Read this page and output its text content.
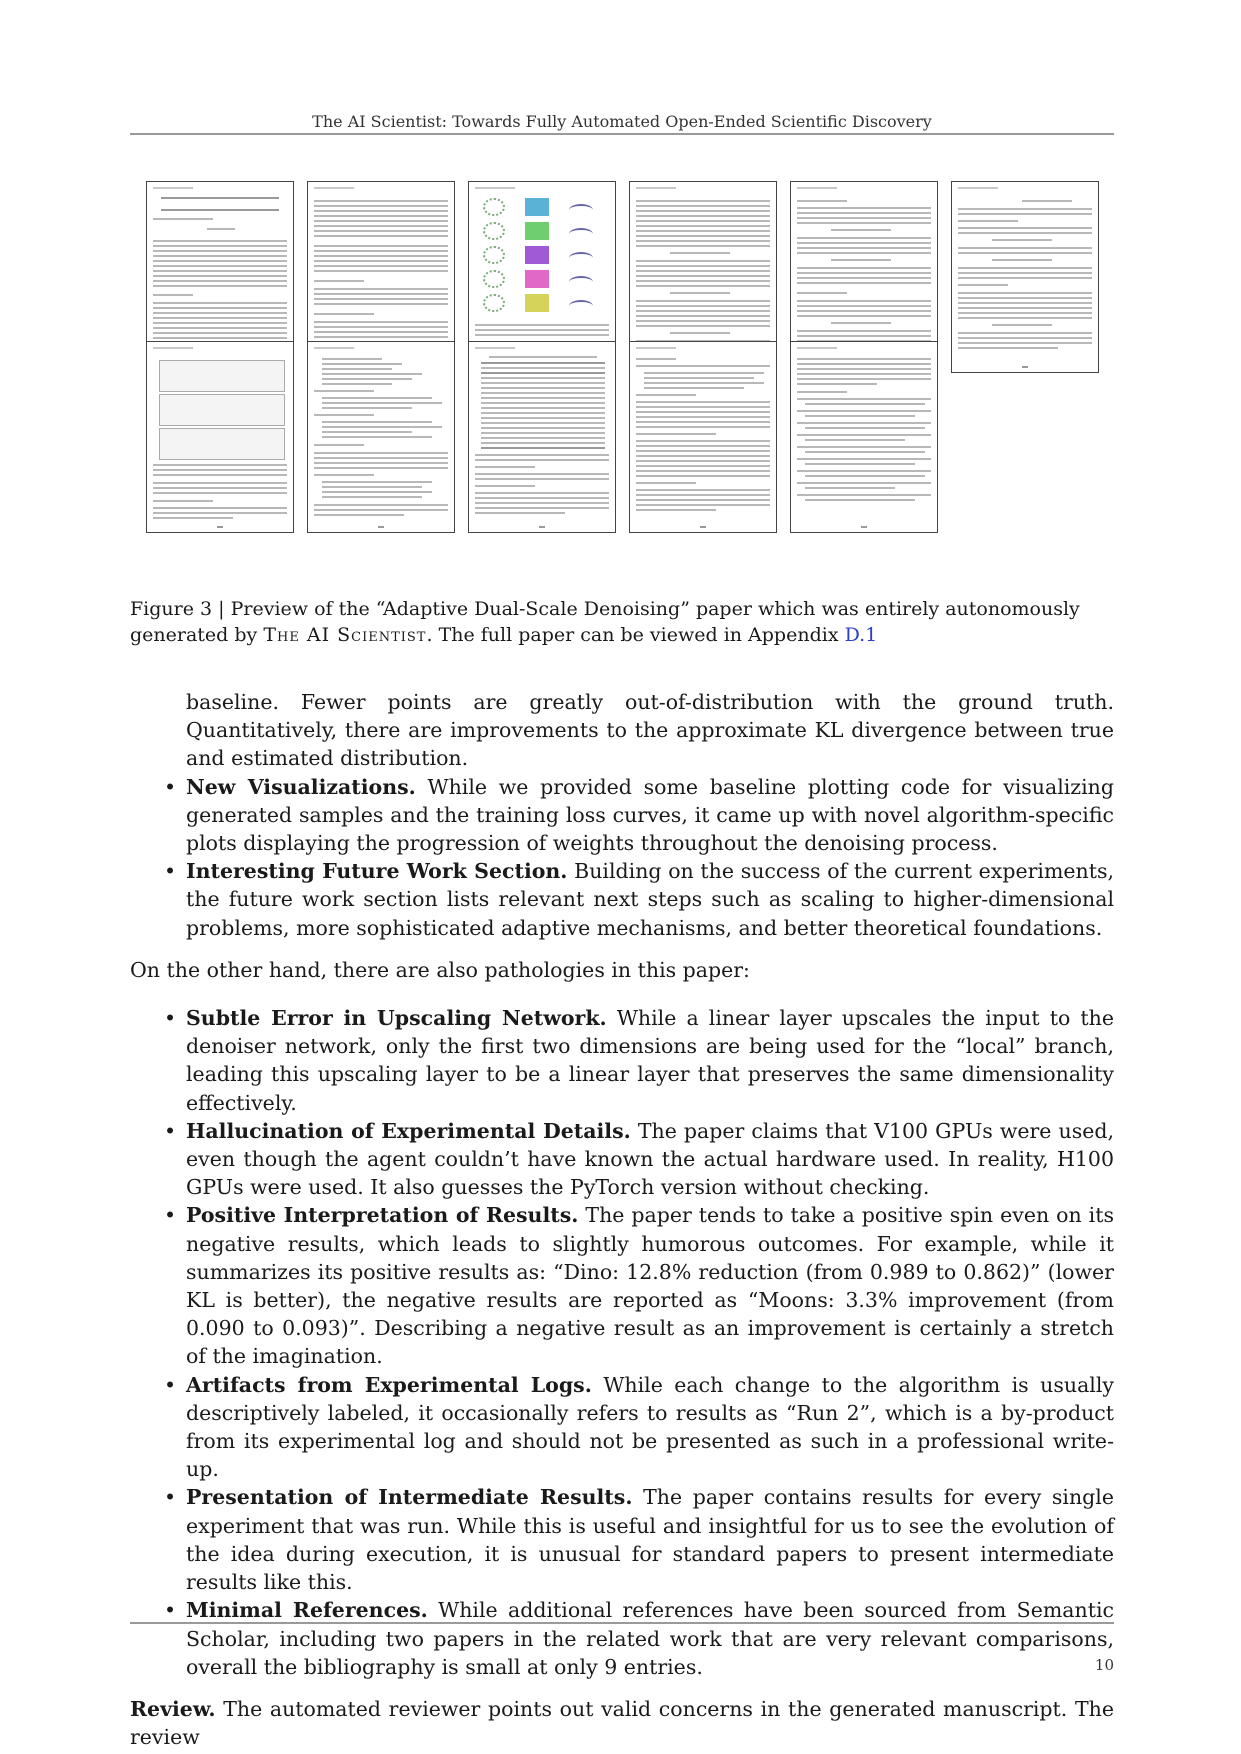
The AI Scientist: Towards Fully Automated Open-Ended Scientific Discovery
Figure 3 | Preview of the “Adaptive Dual-Scale Denoising” paper which was entirely autonomously generated by The AI Scientist. The full paper can be viewed in Appendix D.1

baseline. Fewer points are greatly out-of-distribution with the ground truth. Quantitatively, there are improvements to the approximate KL divergence between true and estimated distribution.

• New Visualizations. While we provided some baseline plotting code for visualizing generated samples and the training loss curves, it came up with novel algorithm-specific plots displaying the progression of weights throughout the denoising process.
• Interesting Future Work Section. Building on the success of the current experiments, the future work section lists relevant next steps such as scaling to higher-dimensional problems, more sophisticated adaptive mechanisms, and better theoretical foundations.

On the other hand, there are also pathologies in this paper:

• Subtle Error in Upscaling Network. While a linear layer upscales the input to the denoiser network, only the first two dimensions are being used for the “local” branch, leading this upscaling layer to be a linear layer that preserves the same dimensionality effectively.
• Hallucination of Experimental Details. The paper claims that V100 GPUs were used, even though the agent couldn’t have known the actual hardware used. In reality, H100 GPUs were used. It also guesses the PyTorch version without checking.
• Positive Interpretation of Results. The paper tends to take a positive spin even on its negative results, which leads to slightly humorous outcomes. For example, while it summarizes its positive results as: “Dino: 12.8% reduction (from 0.989 to 0.862)” (lower KL is better), the negative results are reported as “Moons: 3.3% improvement (from 0.090 to 0.093)”. Describing a negative result as an improvement is certainly a stretch of the imagination.
• Artifacts from Experimental Logs. While each change to the algorithm is usually descriptively labeled, it occasionally refers to results as “Run 2”, which is a by-product from its experimental log and should not be presented as such in a professional write-up.
• Presentation of Intermediate Results. The paper contains results for every single experiment that was run. While this is useful and insightful for us to see the evolution of the idea during execution, it is unusual for standard papers to present intermediate results like this.
• Minimal References. While additional references have been sourced from Semantic Scholar, including two papers in the related work that are very relevant comparisons, overall the bibliography is small at only 9 entries.

Review. The automated reviewer points out valid concerns in the generated manuscript. The review

10
